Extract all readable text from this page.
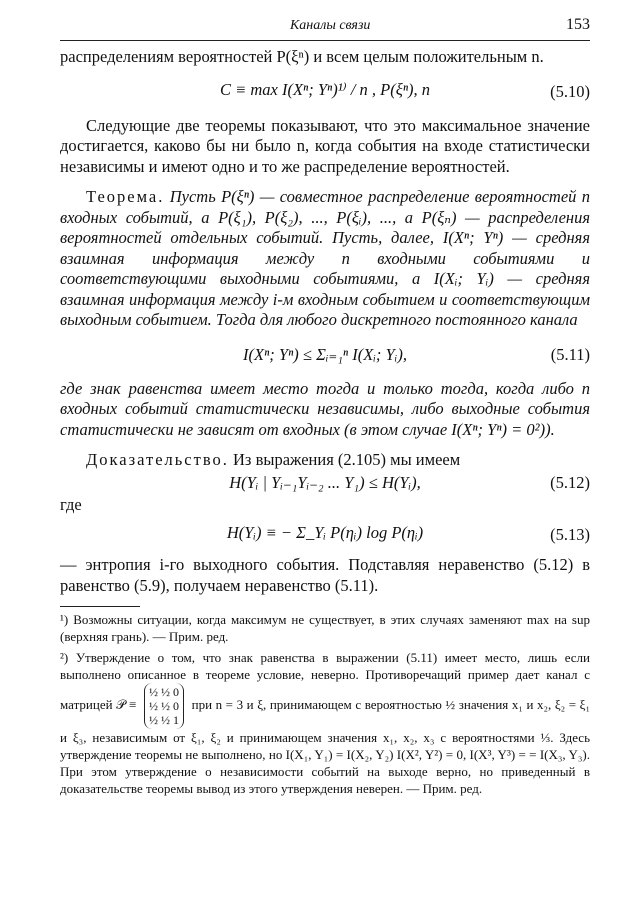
Каналы связи	153

распределениям вероятностей P(ξⁿ) и всем целым положительным n.

C ≡ max I(Xⁿ; Yⁿ)¹⁾ / n , P(ξⁿ), n	(5.10)

Следующие две теоремы показывают, что это максимальное значение достигается, каково бы ни было n, когда события на входе статистически независимы и имеют одно и то же распределение вероятностей.

Теорема. Пусть P(ξⁿ) — совместное распределение вероятностей n входных событий, а P(ξ₁), P(ξ₂), ..., P(ξᵢ), ..., а P(ξₙ) — распределения вероятностей отдельных событий. Пусть, далее, I(Xⁿ; Yⁿ) — средняя взаимная информация между n входными событиями и соответствующими выходными событиями, а I(Xᵢ; Yᵢ) — средняя взаимная информация между i-м входным событием и соответствующим выходным событием. Тогда для любого дискретного постоянного канала

I(Xⁿ; Yⁿ) ≤ Σᵢ₌₁ⁿ I(Xᵢ; Yᵢ),	(5.11)

где знак равенства имеет место тогда и только тогда, когда либо n входных событий статистически независимы, либо выходные события статистически не зависят от входных (в этом случае I(Xⁿ; Yⁿ) = 0²)).

Доказательство. Из выражения (2.105) мы имеем

H(Yᵢ | Yᵢ₋₁Yᵢ₋₂ ... Y₁) ≤ H(Yᵢ),	(5.12)

где

H(Yᵢ) ≡ − Σ_Yᵢ P(ηᵢ) log P(ηᵢ)	(5.13)

— энтропия i-го выходного события. Подставляя неравенство (5.12) в равенство (5.9), получаем неравенство (5.11).

¹) Возможны ситуации, когда максимум не существует, в этих случаях заменяют max на sup (верхняя грань). — Прим. ред.

²) Утверждение о том, что знак равенства в выражении (5.11) имеет место, лишь если выполнено описанное в теореме условие, неверно. Противоречащий пример дает канал с матрицей 𝒫 ≡ ½ ½ 0
½ ½ 0
½ ½ 1 при n = 3 и ξ, принимающем с вероятностью ½ значения x₁ и x₂, ξ₂ = ξ₁ и ξ₃, независимым от ξ₁, ξ₂ и принимающем значения x₁, x₂, x₃ с вероятностями ⅓. Здесь утверждение теоремы не выполнено, но I(X₁, Y₁) = I(X₂, Y₂) I(X², Y²) = 0, I(X³, Y³) = = I(X₃, Y₃). При этом утверждение о независимости событий на выходе верно, но приведенный в доказательстве теоремы вывод из этого утверждения неверен. — Прим. ред.
